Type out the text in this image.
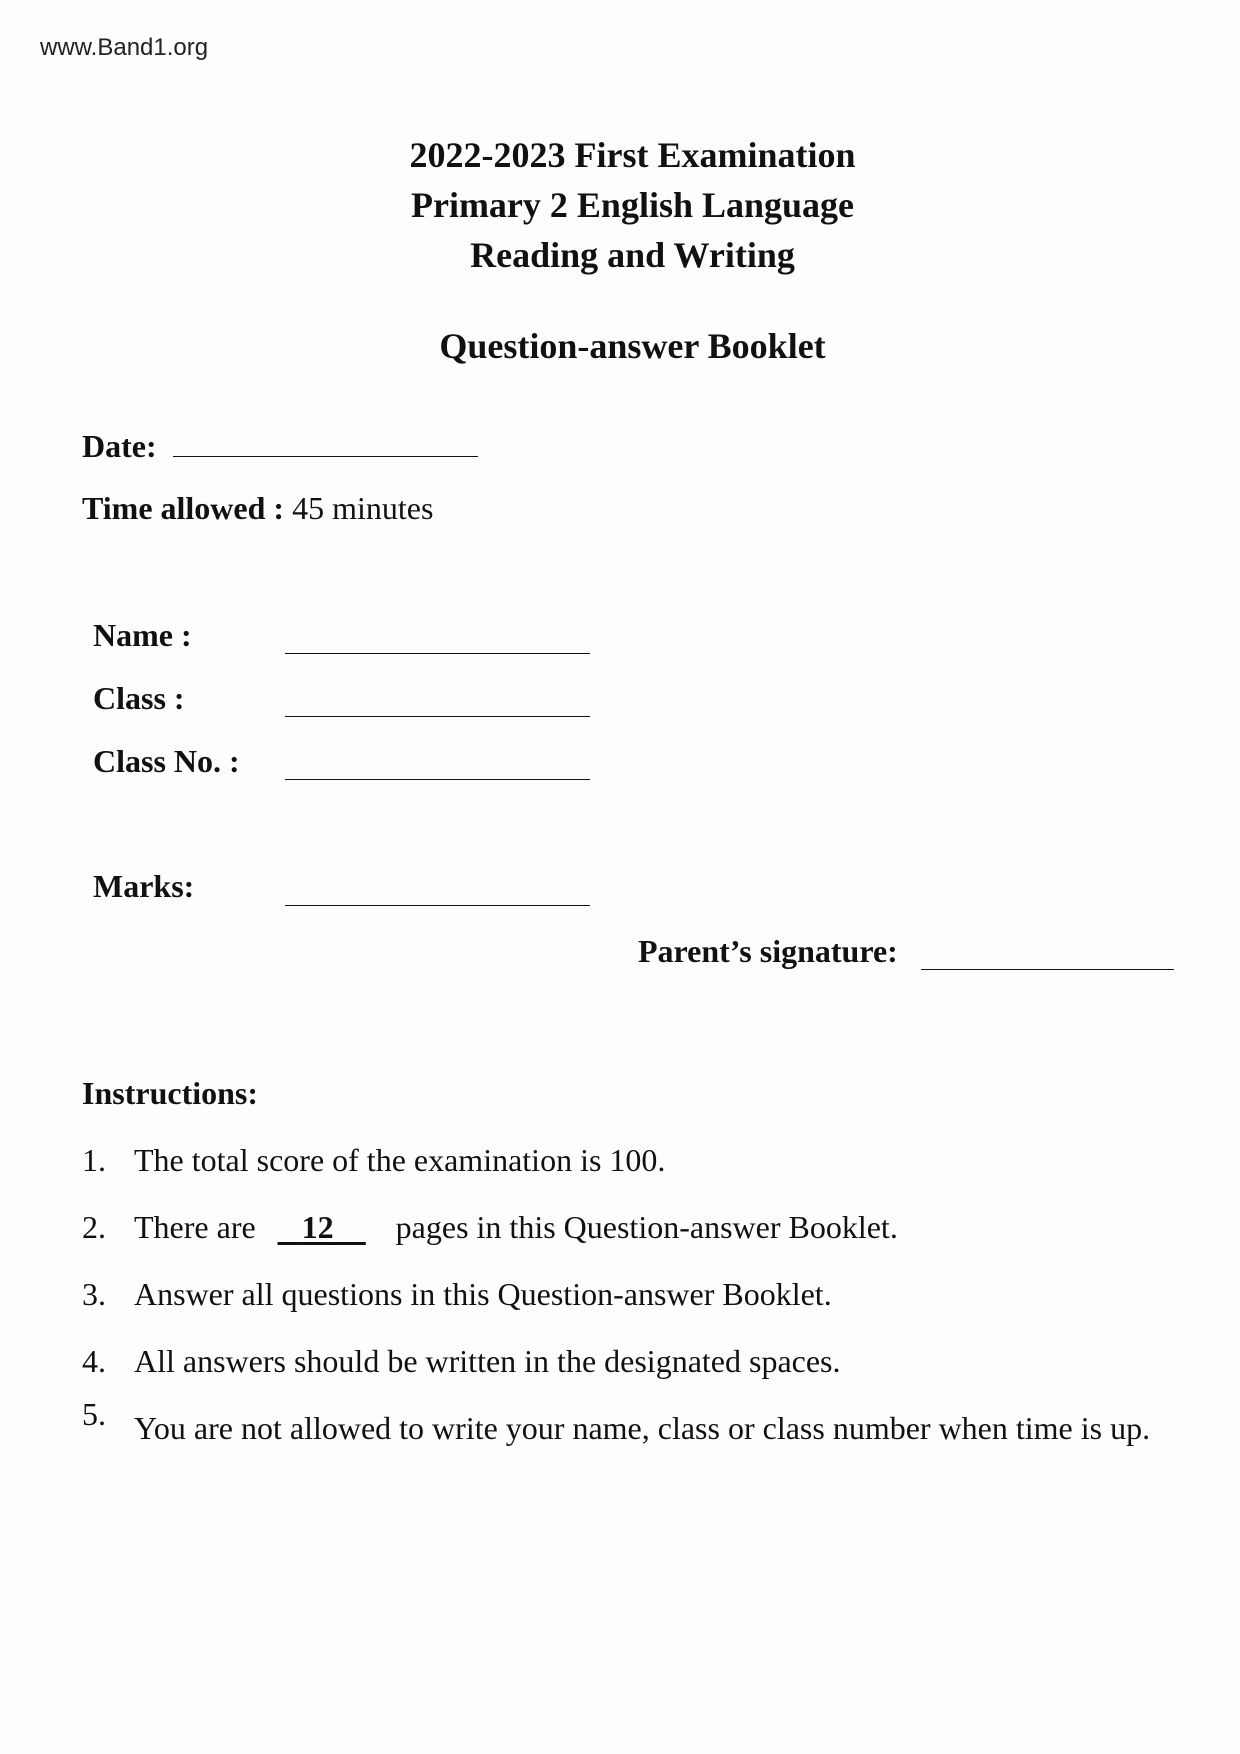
www.Band1.org
2022-2023 First Examination
Primary 2 English Language
Reading and Writing
Question-answer Booklet
Date:
Time allowed : 45 minutes
Name :
Class :
Class No. :
Marks:
Parent’s signature:
Instructions:
1. The total score of the examination is 100.
2. There are 12 pages in this Question-answer Booklet.
3. Answer all questions in this Question-answer Booklet.
4. All answers should be written in the designated spaces.
5. You are not allowed to write your name, class or class number when time is up.
